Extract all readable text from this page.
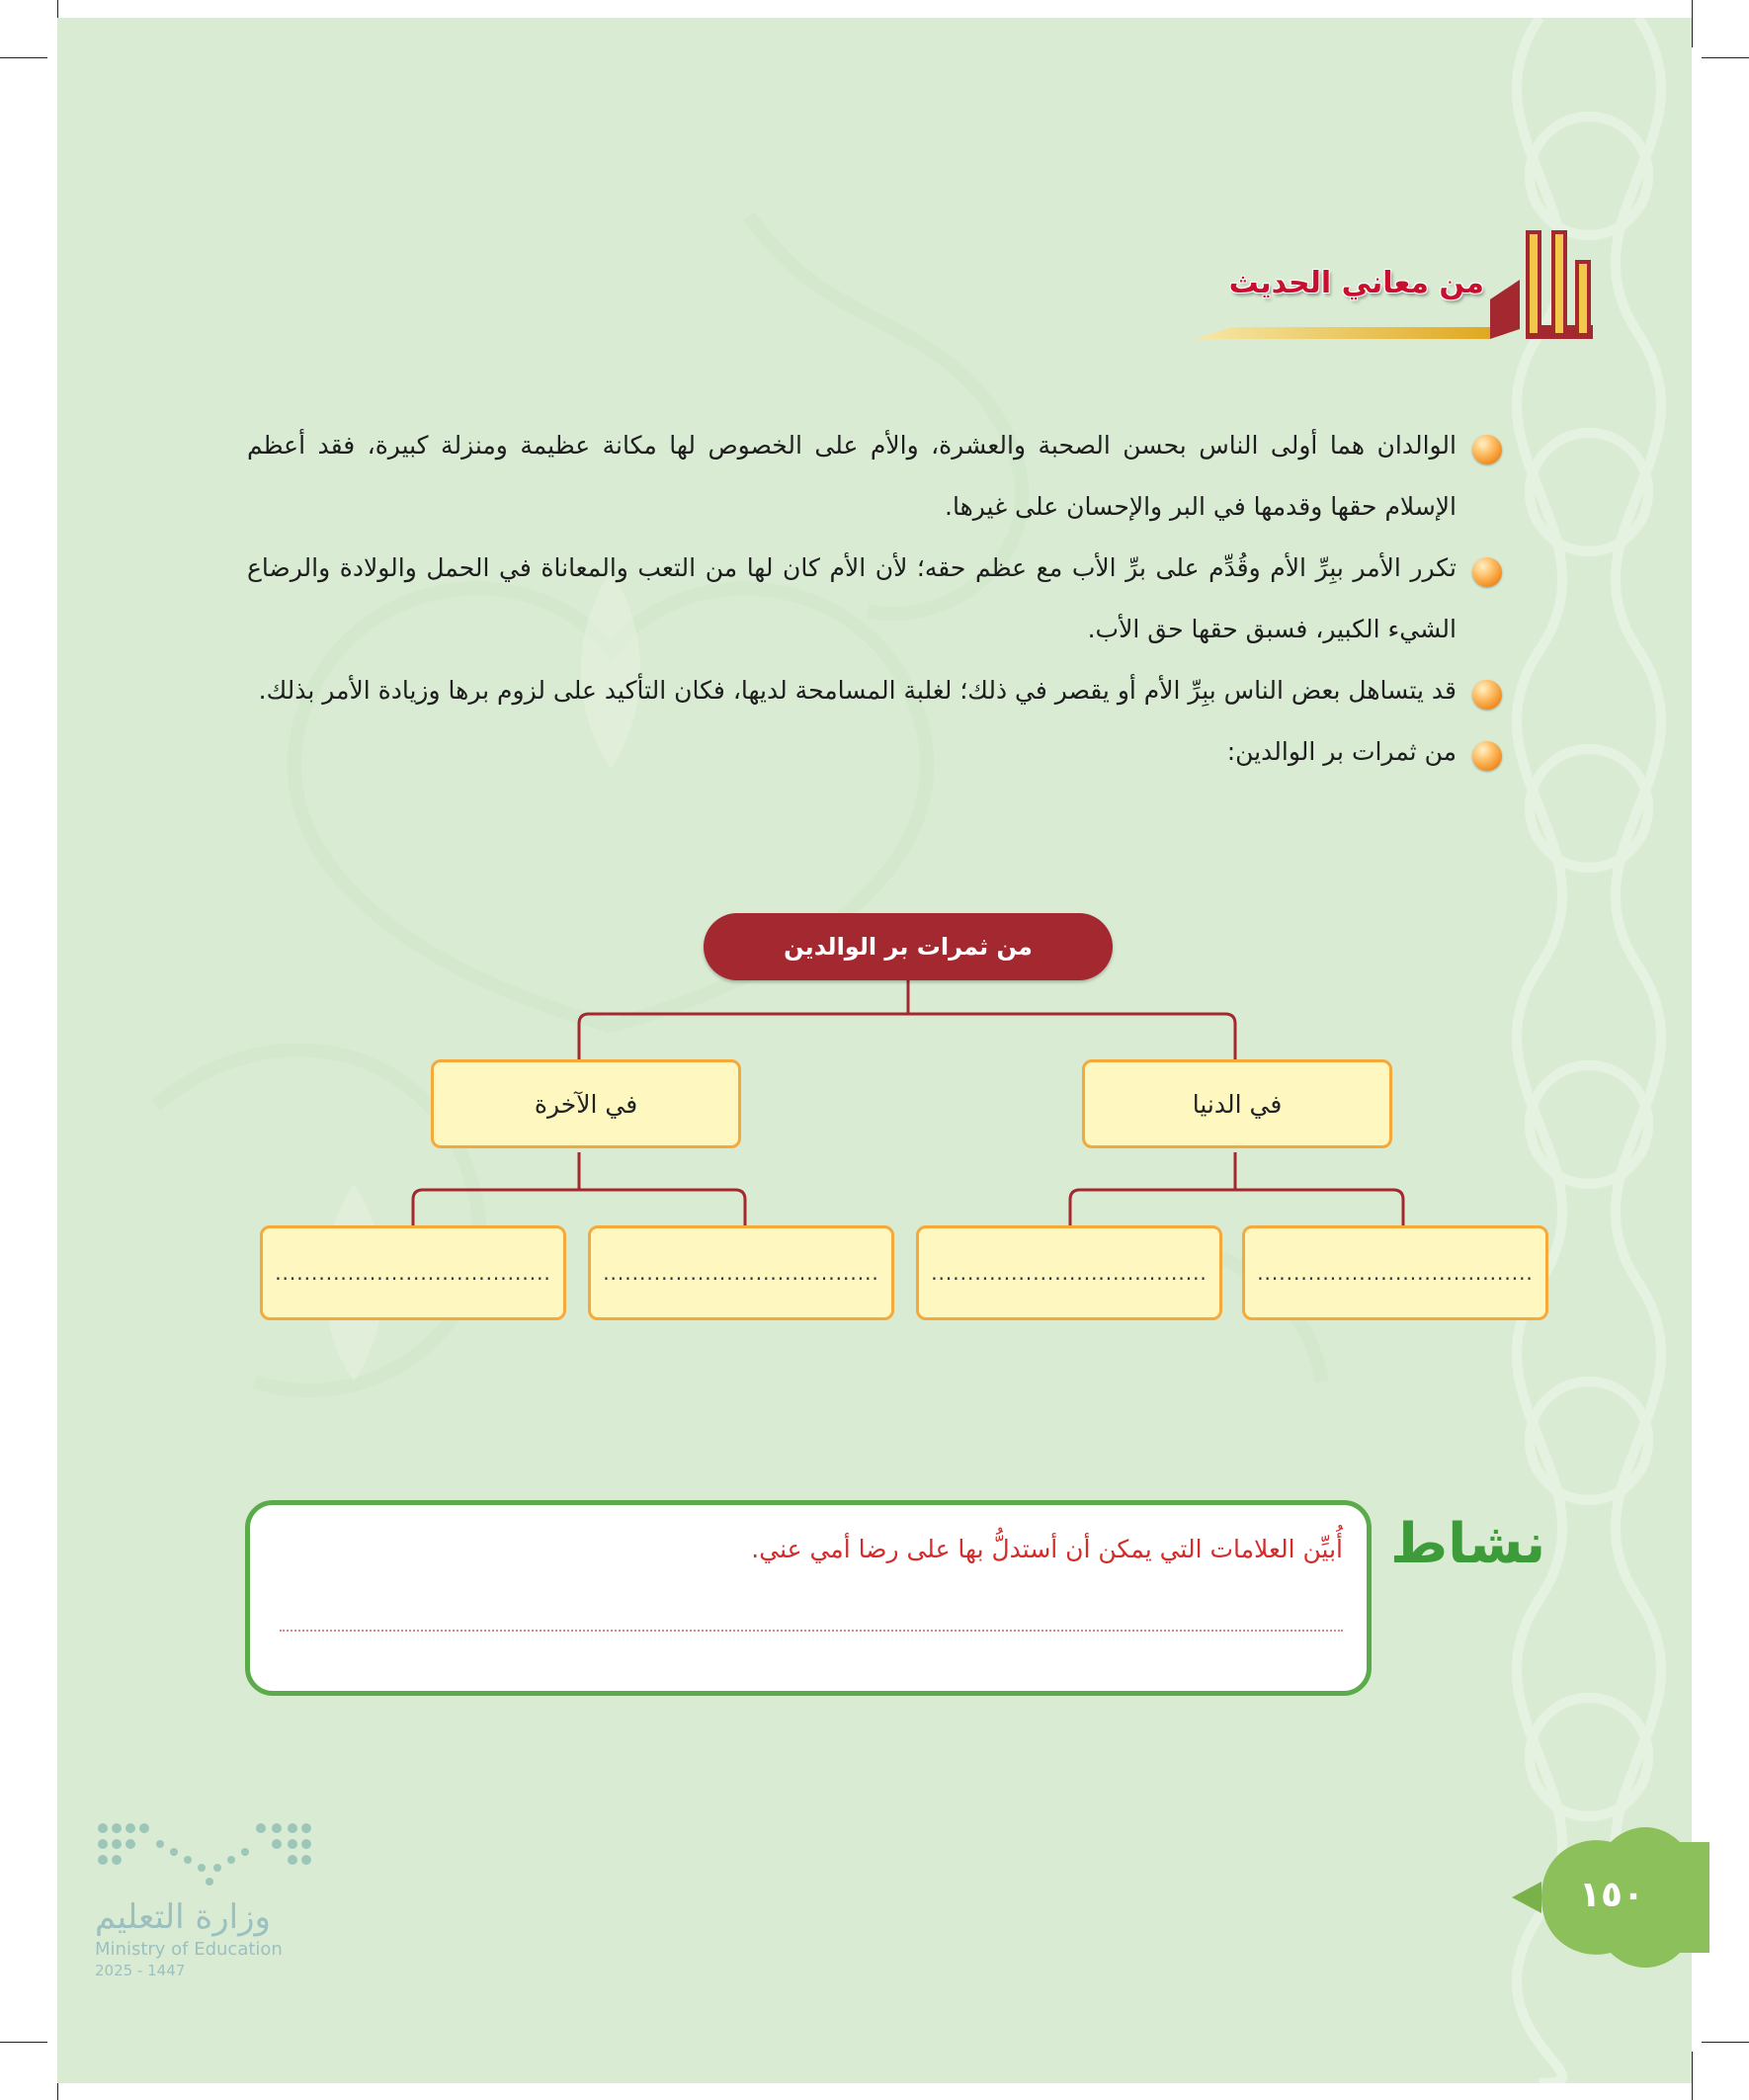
من معاني الحديث
الوالدان هما أولى الناس بحسن الصحبة والعشرة، والأم على الخصوص لها مكانة عظيمة ومنزلة كبيرة، فقد أعظم الإسلام حقها وقدمها في البر والإحسان على غيرها.
تكرر الأمر ببِرِّ الأم وقُدِّم على برِّ الأب مع عظم حقه؛ لأن الأم كان لها من التعب والمعاناة في الحمل والولادة والرضاع الشيء الكبير، فسبق حقها حق الأب.
قد يتساهل بعض الناس ببِرِّ الأم أو يقصر في ذلك؛ لغلبة المسامحة لديها، فكان التأكيد على لزوم برها وزيادة الأمر بذلك.
من ثمرات بر الوالدين:
من ثمرات بر الوالدين
في الآخرة	في الدنيا
......................................	......................................	......................................	......................................
نشاط
أُبيِّن العلامات التي يمكن أن أستدلُّ بها على رضا أمي عني.
١٥٠
وزارة التعليم
Ministry of Education
2025 - 1447
